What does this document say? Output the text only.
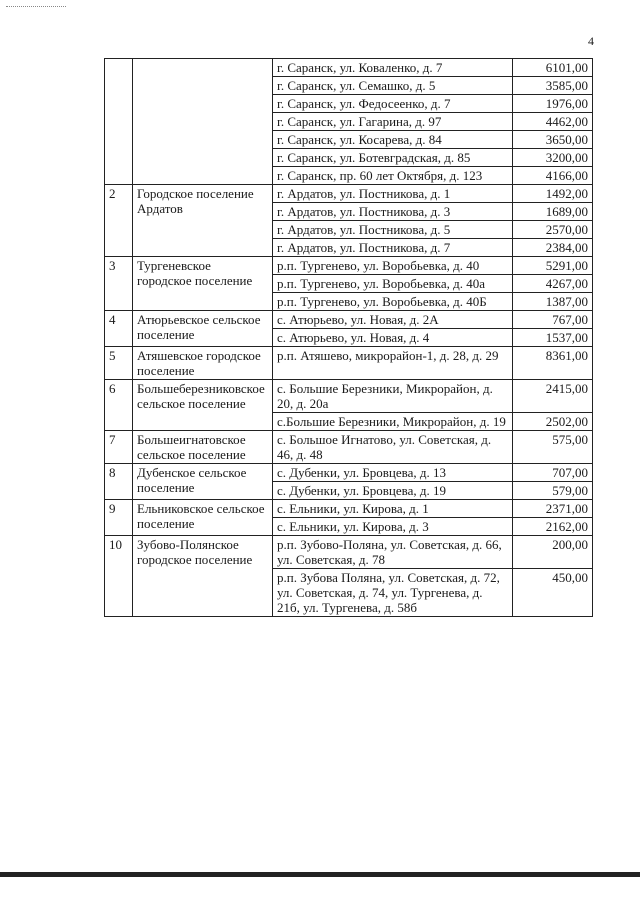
4
		г. Саранск, ул. Коваленко, д. 7	6101,00
		г. Саранск, ул. Семашко, д. 5	3585,00
		г. Саранск, ул. Федосеенко, д. 7	1976,00
		г. Саранск, ул. Гагарина, д. 97	4462,00
		г. Саранск, ул. Косарева, д. 84	3650,00
		г. Саранск, ул. Ботевградская, д. 85	3200,00
		г. Саранск, пр. 60 лет Октября, д. 123	4166,00
2	Городское поселение Ардатов	г. Ардатов, ул. Постникова, д. 1	1492,00
		г. Ардатов, ул. Постникова, д. 3	1689,00
		г. Ардатов, ул. Постникова, д. 5	2570,00
		г. Ардатов, ул. Постникова, д. 7	2384,00
3	Тургеневское городское поселение	р.п. Тургенево, ул. Воробьевка, д. 40	5291,00
		р.п. Тургенево, ул. Воробьевка, д. 40а	4267,00
		р.п. Тургенево, ул. Воробьевка, д. 40Б	1387,00
4	Атюрьевское сельское поселение	с. Атюрьево, ул. Новая, д. 2А	767,00
		с. Атюрьево, ул. Новая, д. 4	1537,00
5	Атяшевское городское поселение	р.п. Атяшево, микрорайон-1, д. 28, д. 29	8361,00
6	Большеберезниковское сельское поселение	с. Большие Березники, Микрорайон, д. 20, д. 20а	2415,00
		с.Большие Березники, Микрорайон, д. 19	2502,00
7	Большеигнатовское сельское поселение	с. Большое Игнатово, ул. Советская, д. 46, д. 48	575,00
8	Дубенское сельское поселение	с. Дубенки, ул. Бровцева, д. 13	707,00
		с. Дубенки, ул. Бровцева, д. 19	579,00
9	Ельниковское сельское поселение	с. Ельники, ул. Кирова, д. 1	2371,00
		с. Ельники, ул. Кирова, д. 3	2162,00
10	Зубово-Полянское городское поселение	р.п. Зубово-Поляна, ул. Советская, д. 66, ул. Советская, д. 78	200,00
		р.п. Зубова Поляна, ул. Советская, д. 72, ул. Советская, д. 74, ул. Тургенева, д. 21б, ул. Тургенева, д. 58б	450,00
